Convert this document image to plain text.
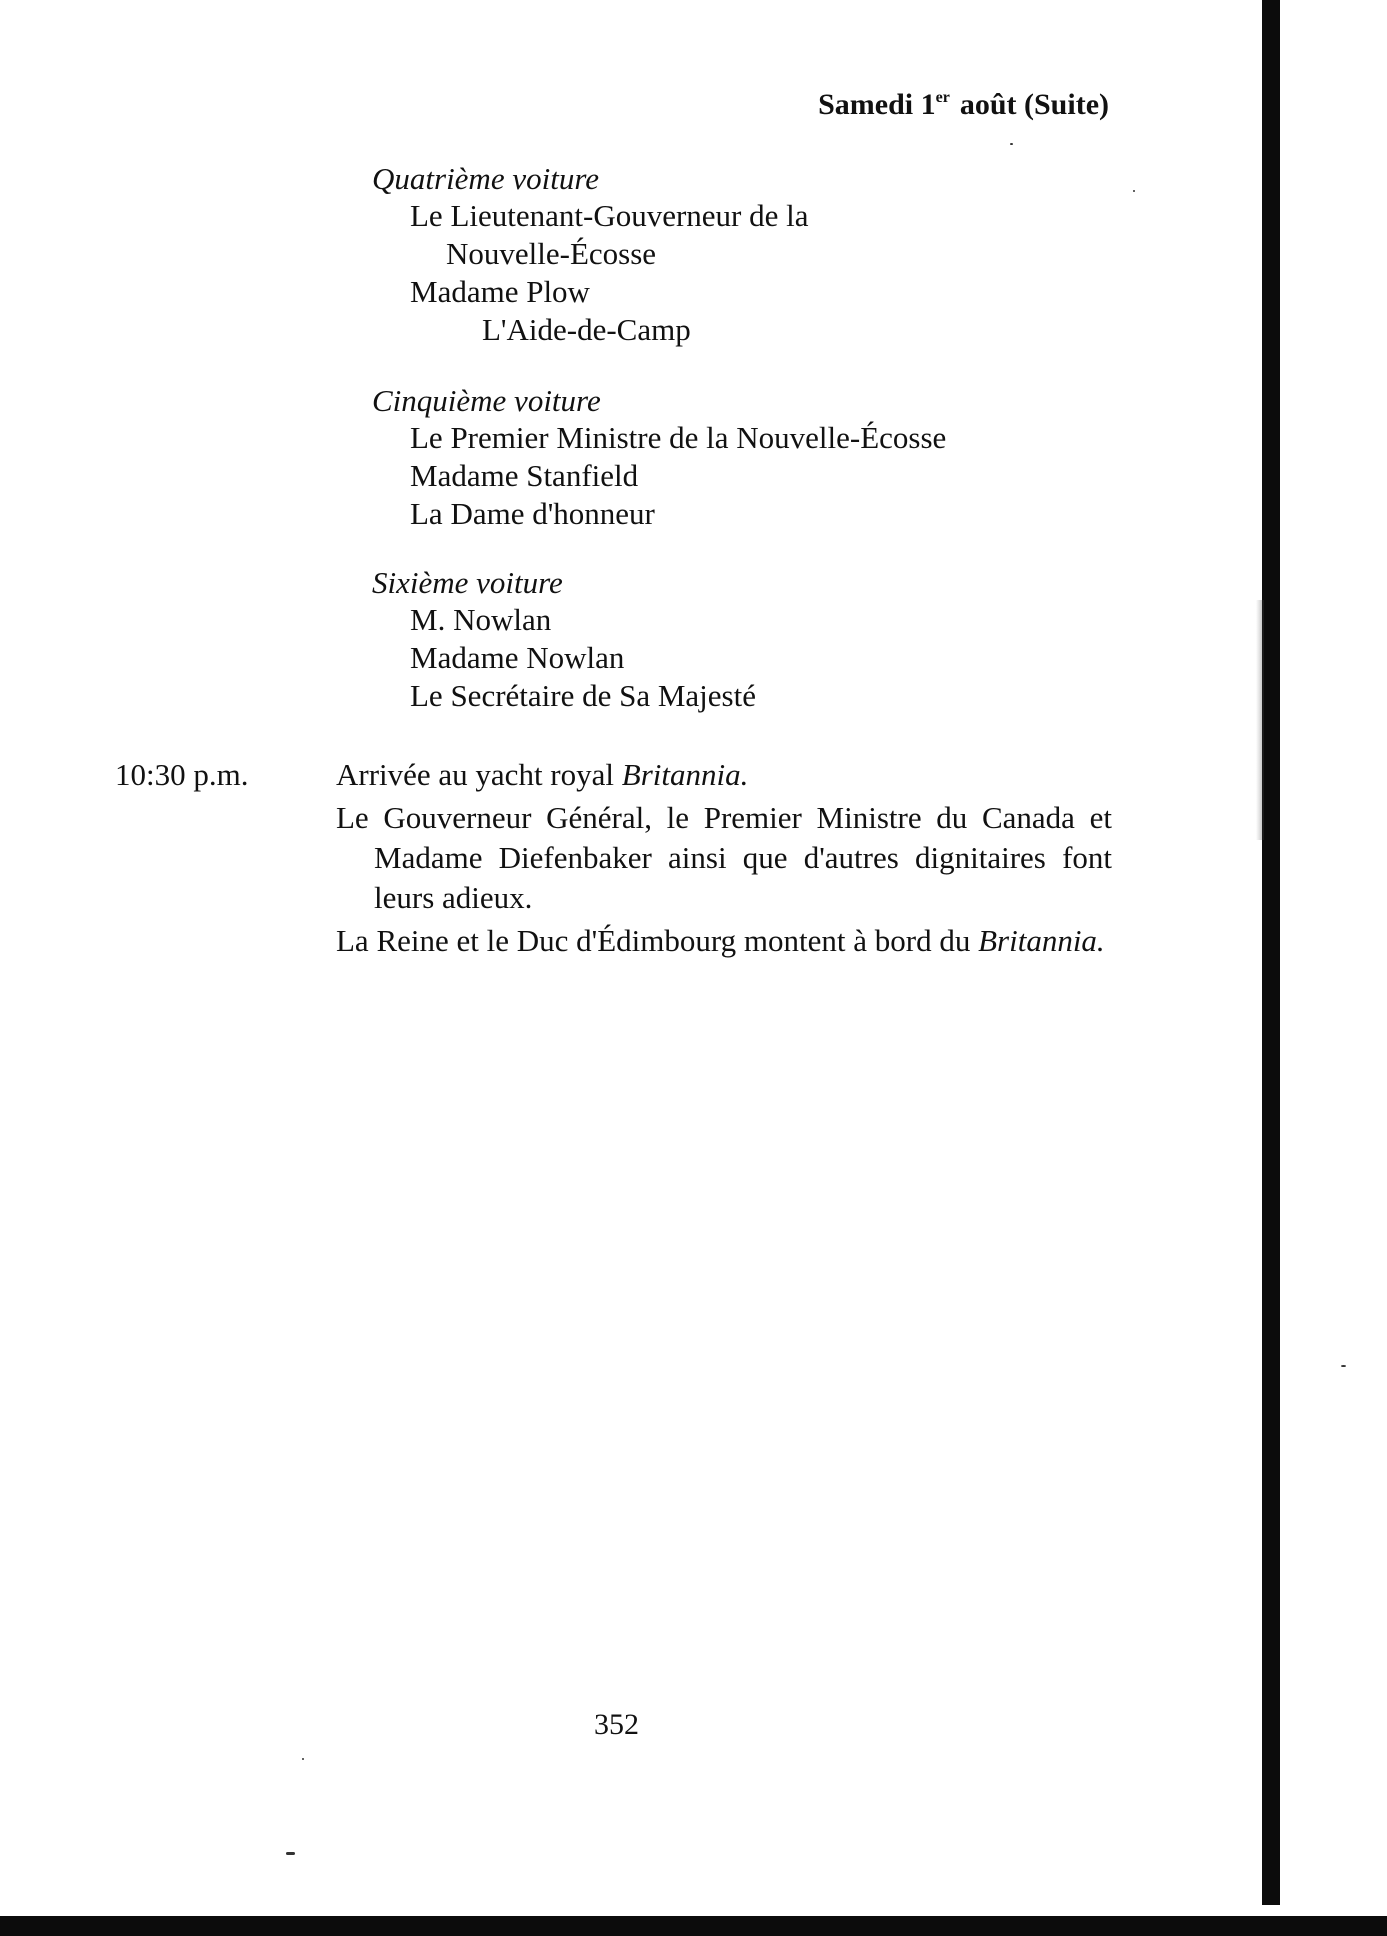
Samedi 1er août (Suite)
Quatrième voiture
Le Lieutenant-Gouverneur de la
Nouvelle-Écosse
Madame Plow
L'Aide-de-Camp
Cinquième voiture
Le Premier Ministre de la Nouvelle-Écosse
Madame Stanfield
La Dame d'honneur
Sixième voiture
M. Nowlan
Madame Nowlan
Le Secrétaire de Sa Majesté
10:30 p.m.	Arrivée au yacht royal Britannia.
Le Gouverneur Général, le Premier Ministre du Canada et Madame Diefenbaker ainsi que d'autres dignitaires font leurs adieux.
La Reine et le Duc d'Édimbourg montent à bord du Britannia.
352
